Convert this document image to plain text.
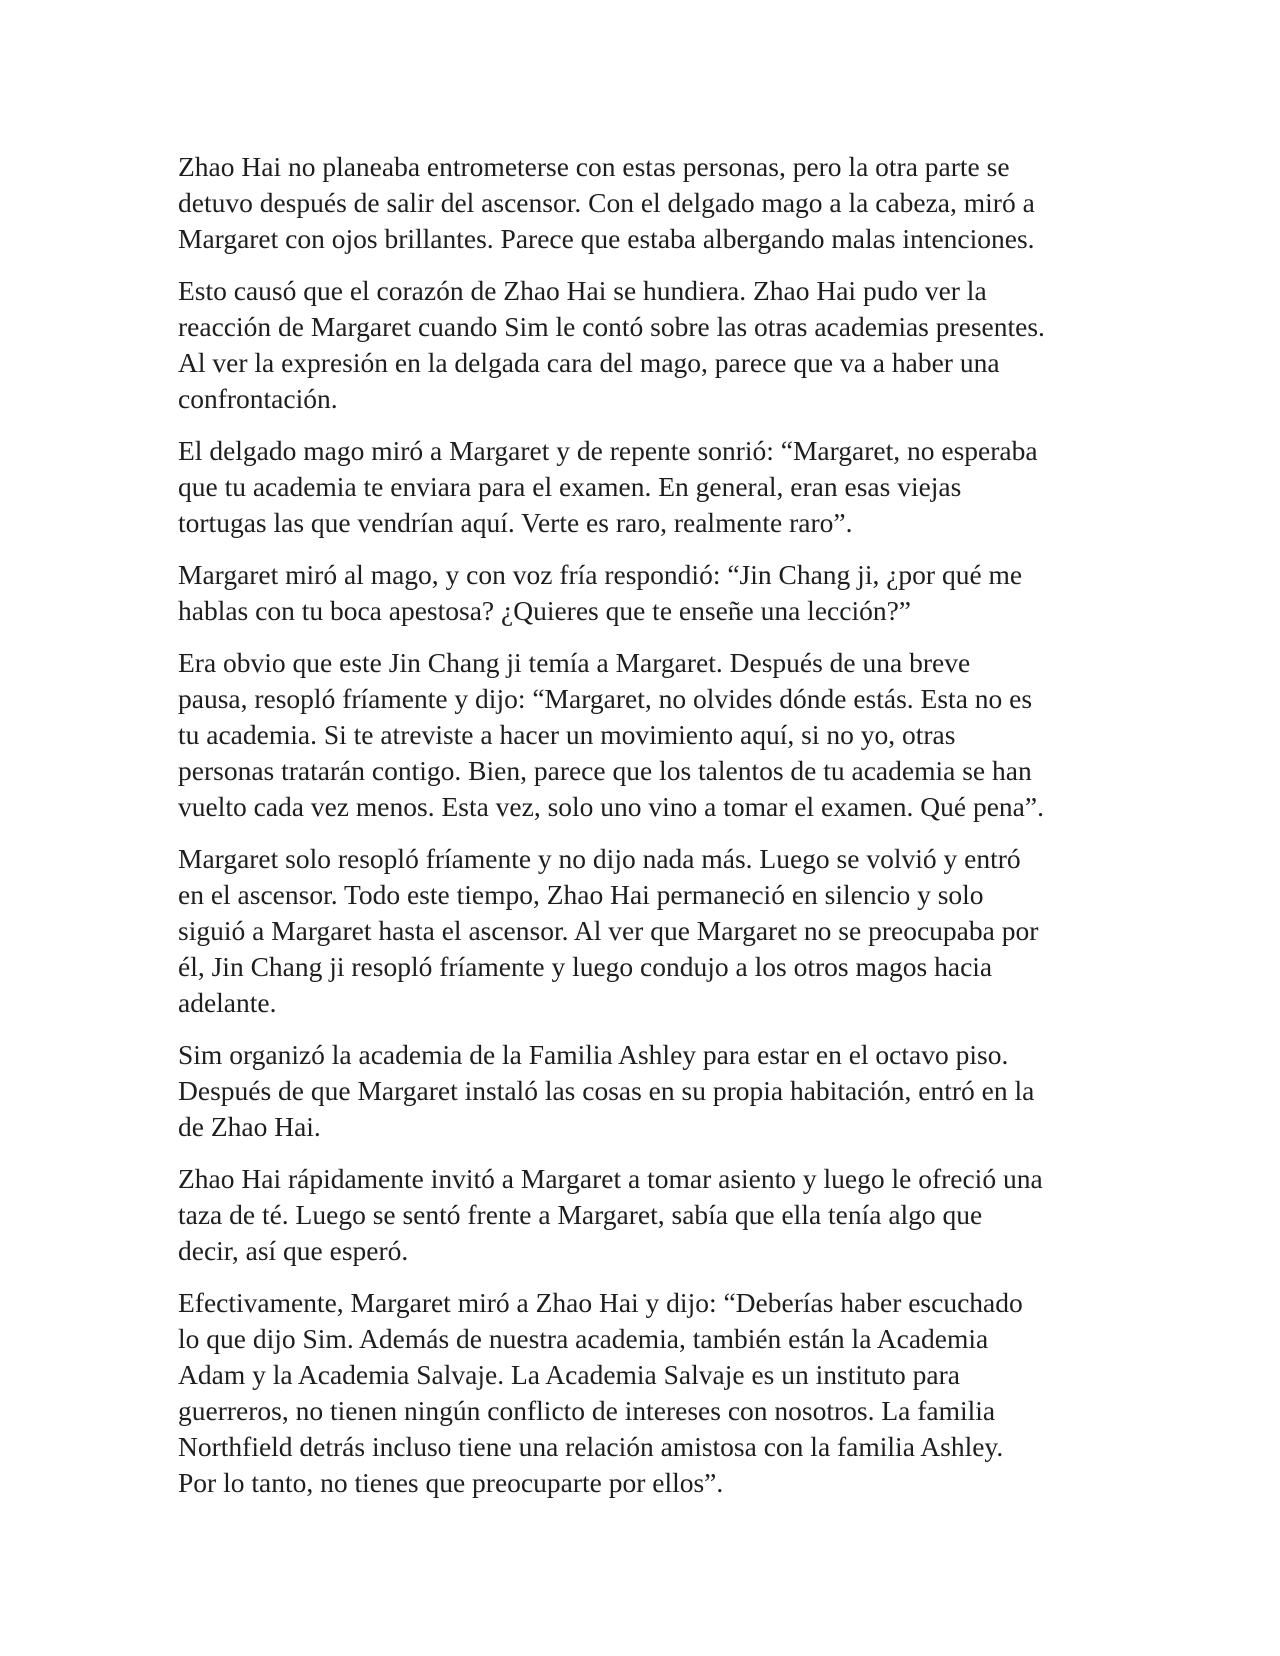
Zhao Hai no planeaba entrometerse con estas personas, pero la otra parte se
detuvo después de salir del ascensor. Con el delgado mago a la cabeza, miró a
Margaret con ojos brillantes. Parece que estaba albergando malas intenciones.

Esto causó que el corazón de Zhao Hai se hundiera. Zhao Hai pudo ver la
reacción de Margaret cuando Sim le contó sobre las otras academias presentes.
Al ver la expresión en la delgada cara del mago, parece que va a haber una
confrontación.

El delgado mago miró a Margaret y de repente sonrió: “Margaret, no esperaba
que tu academia te enviara para el examen. En general, eran esas viejas
tortugas las que vendrían aquí. Verte es raro, realmente raro”.

Margaret miró al mago, y con voz fría respondió: “Jin Chang ji, ¿por qué me
hablas con tu boca apestosa? ¿Quieres que te enseñe una lección?”

Era obvio que este Jin Chang ji temía a Margaret. Después de una breve
pausa, resopló fríamente y dijo: “Margaret, no olvides dónde estás. Esta no es
tu academia. Si te atreviste a hacer un movimiento aquí, si no yo, otras
personas tratarán contigo. Bien, parece que los talentos de tu academia se han
vuelto cada vez menos. Esta vez, solo uno vino a tomar el examen. Qué pena”.

Margaret solo resopló fríamente y no dijo nada más. Luego se volvió y entró
en el ascensor. Todo este tiempo, Zhao Hai permaneció en silencio y solo
siguió a Margaret hasta el ascensor. Al ver que Margaret no se preocupaba por
él, Jin Chang ji resopló fríamente y luego condujo a los otros magos hacia
adelante.

Sim organizó la academia de la Familia Ashley para estar en el octavo piso.
Después de que Margaret instaló las cosas en su propia habitación, entró en la
de Zhao Hai.

Zhao Hai rápidamente invitó a Margaret a tomar asiento y luego le ofreció una
taza de té. Luego se sentó frente a Margaret, sabía que ella tenía algo que
decir, así que esperó.

Efectivamente, Margaret miró a Zhao Hai y dijo: “Deberías haber escuchado
lo que dijo Sim. Además de nuestra academia, también están la Academia
Adam y la Academia Salvaje. La Academia Salvaje es un instituto para
guerreros, no tienen ningún conflicto de intereses con nosotros. La familia
Northfield detrás incluso tiene una relación amistosa con la familia Ashley.
Por lo tanto, no tienes que preocuparte por ellos”.
